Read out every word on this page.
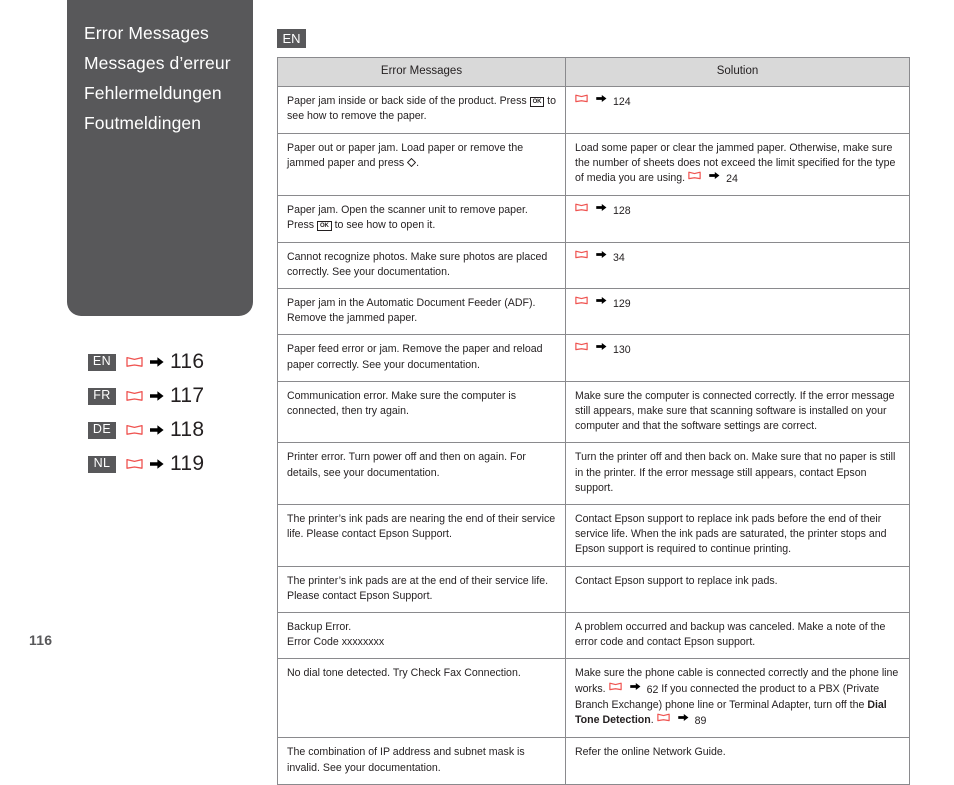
Error Messages
Messages d’erreur
Fehlermeldungen
Foutmeldingen
EN	116
FR	117
DE	118
NL	119
116
EN
Error Messages	Solution

Paper jam inside or back side of the product. Press OK to see how to remove the paper.	124

Paper out or paper jam. Load paper or remove the jammed paper and press
.	Load some paper or clear the jammed paper. Otherwise, make sure the number of sheets does not exceed the limit specified for the type of media you are using. 24

Paper jam. Open the scanner unit to remove paper. Press OK to see how to open it.	128
Cannot recognize photos. Make sure photos are placed correctly. See your documentation.	34
Paper jam in the Automatic Document Feeder (ADF). Remove the jammed paper.	129
Paper feed error or jam. Remove the paper and reload paper correctly. See your documentation.	130
Communication error. Make sure the computer is connected, then try again.	Make sure the computer is connected correctly. If the error message still appears, make sure that scanning software is installed on your computer and that the software settings are correct.
Printer error. Turn power off and then on again. For details, see your documentation.	Turn the printer off and then back on. Make sure that no paper is still in the printer. If the error message still appears, contact Epson support.
The printer’s ink pads are nearing the end of their service life. Please contact Epson Support.	Contact Epson support to replace ink pads before the end of their service life. When the ink pads are saturated, the printer stops and Epson support is required to continue printing.
The printer’s ink pads are at the end of their service life. Please contact Epson Support.	Contact Epson support to replace ink pads.

Backup Error.

Error Code xxxxxxxx	A problem occurred and backup was canceled. Make a note of the error code and contact Epson support.
No dial tone detected. Try Check Fax Connection.	Make sure the phone cable is connected correctly and the phone line works. 62 If you connected the product to a PBX (Private Branch Exchange) phone line or Terminal Adapter, turn off the Dial Tone Detection. 89

The combination of IP address and subnet mask is invalid. See your documentation.	Refer the online Network Guide.
